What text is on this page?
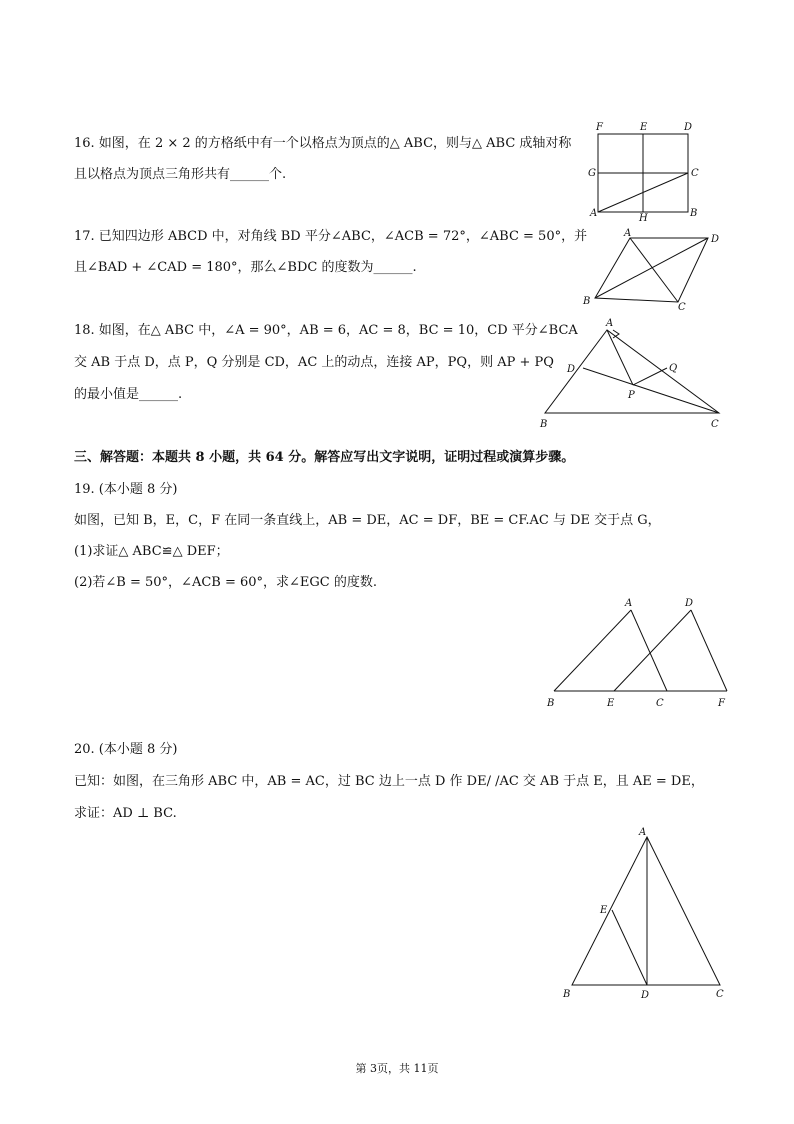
16. 如图，在 2 × 2 的方格纸中有一个以格点为顶点的△ ABC，则与△ ABC 成轴对称
且以格点为顶点三角形共有______个.
F	E	D
G	C
A	H	B
17. 已知四边形 ABCD 中，对角线 BD 平分∠ABC，∠ACB = 72°，∠ABC = 50°，并
且∠BAD + ∠CAD = 180°，那么∠BDC 的度数为______.
A
D
B
C
18. 如图，在△ ABC 中，∠A = 90°，AB = 6，AC = 8，BC = 10，CD 平分∠BCA
交 AB 于点 D，点 P，Q 分别是 CD，AC 上的动点，连接 AP，PQ，则 AP + PQ
的最小值是______.
A
D	Q
P
B	C
三、解答题：本题共 8 小题，共 64 分。解答应写出文字说明，证明过程或演算步骤。
19. (本小题 8 分)
如图，已知 B，E，C，F 在同一条直线上，AB = DE，AC = DF，BE = CF.AC 与 DE 交于点 G，
(1)求证△ ABC≌△ DEF；
(2)若∠B = 50°，∠ACB = 60°，求∠EGC 的度数.
A	D
B	E	C	F
20. (本小题 8 分)
已知：如图，在三角形 ABC 中，AB = AC，过 BC 边上一点 D 作 DE/ /AC 交 AB 于点 E，且 AE = DE，
求证：AD ⊥ BC.
A
E
B	D	C
第 3页，共 11页
